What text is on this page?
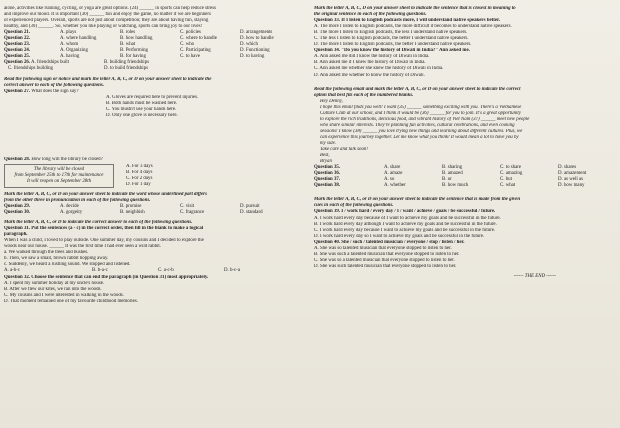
alone, activities like running, cycling, or yoga are great options. (24) ______ in sports can help reduce stress
and improve our mood. It is important (30) ______ fun and enjoy the game, no matter if we are beginners
or experienced players. Overall, sports are not just about competition; they are about having fun, staying
healthy, and (30) ______. So, whether you like playing or watching, sports can bring joy to our lives!
Question 21.	A. plays	B. roles	C. policies	D. arrangements
Question 22.	A. where handling	B. how handling	C. where to handle	D. how to handle
Question 23.	A. whom	B. what	C. who	D. which
Question 24.	A. Organizing	B. Performing	C. Participating	D. Functioning
Question 25.	A. having	B. for having	C. to have	D. to having
Question 26. A. friendships built	B. building friendships
C. friendships building	D. to build friendships
Read the following sign or notice and mark the letter A, B, C, or D on your answer sheet to indicate the
correct answer to each of the following questions.
Question 27. What does the sign say?
A. Gloves are required here to prevent injuries.
B. Both hands must be washed here.
C. You mustn't use your hands here.
D. Only one glove is necessary here.
Question 28. How long will the library be closed?
The library will be closed
from September 25th to 17th for maintenance
It will reopen on September 28th
A. For 3 days
B. For 4 days
C. For 2 days
D. For 1 day
Mark the letter A, B, C, or D on your answer sheet to indicate the word whose underlined part differs
from the other three in pronunciation in each of the following questions.
Question 29.	A. decide	B. promise	C. visit	D. pursuit
Question 30.	A. gorgeity	B. neighbish	C. fragrance	D. standard
Mark the letter A, B, C, or D to indicate the correct answer to each of the following questions.
Question 31. Put the sentences (a - c) in the correct order, then fill in the blank to make a logical
paragraph.
When I was a child, I loved to play outside. One summer day, my cousins and I decided to explore the
woods near our house. ______ It was the first time I had ever seen a wild rabbit.
a. We walked through the trees and bushes.
b. Then, we saw a small, brown rabbit hopping away.
c. Suddenly, we heard a rustling sound. We stopped and listened.
A. a-b-c	B. b-a-c	C. a-c-b	D. b-c-a
Question 32. Choose the sentence that can end the paragraph (in Question 31) most appropriately.
A. I spent my summer holiday at my uncle's house.
B. After we flew our kites, we ran into the woods.
C. My cousins and I were interested in walking in the woods.
D. That moment remained one of my favourite childhood memories.
Mark the letter A, B, C, D on your answer sheet to indicate the sentence that is closest in meaning to
the original sentence in each of the following questions.
Question 33. If I listen to English podcasts more, I will understand native speakers better.
A. The more I listen to English podcasts, the more difficult it becomes to understand native speakers.
B. The more I listen to English podcasts, the less I understand native speakers.
C. The less I listen to English podcasts, the better I understand native speakers.
D. The more I listen to English podcasts, the better I understand native speakers.
Question 34. "Do you know the history of Diwali in India?" Ann asked me.
A. Ann asked me did I know the history of Diwali in India.
B. Ann asked me if I knew the history of Diwali in India.
C. Ann asked me whether she knew the history of Diwali in India.
D. Ann asked me whether to know the history of Diwali.
Read the following email and mark the letter A, B, C, or D on your answer sheet to indicate the correct
option that best fits each of the numbered blanks.
Hey Denny,
I hope this email finds you well! I want (35) ______ something exciting with you. There's a Vietnamese
Culture Club at our school, and I think it would be (36) ______ for you to join. It's a great opportunity
to explore the rich traditions, delicious food, and vibrant history of Viet Nam (37) ______ meet new people
who share similar interests. They're planning fun activities, cultural celebrations, and even cooking
sessions! I know (38) ______ you love trying new things and learning about different cultures. Plus, we
can experience this journey together. Let me know what you think! It would mean a lot to have you by
my side.
Take care and talk soon!
Best,
Bryan
Question 35.	A. share	B. sharing	C. to share	D. shares
Question 36.	A. amaze	B. amazed	C. amazing	D. amazement
Question 37.	A. so	B. or	C. but	D. as well as
Question 38.	A. whether	B. how much	C. what	D. how many
Mark the letter A, B, C, or D on your answer sheet to indicate the sentence that is made from the given
cues in each of the following questions.
Question 39. I / work hard / every day / I / want / achieve / goals / be successful / future.
A. I work hard every day because of I want to achieve my goals and be successful in the future.
B. I work hard every day although I want to achieve my goals and be successful in the future.
C. I work hard every day because I want to achieve my goals and be successful in the future.
D. I work hard every day so I want to achieve my goals and be successful in the future.
Question 40. She / such / talented musician / everyone / stop / listen / her.
A. She was so talented musician that everyone stopped to listen to her.
B. She was such a talented musician that everyone stopped to listen to her.
C. She was so a talented musician that everyone stopped to listen to her.
D. She was such talented musician that everyone stopped to listen to her.
------ THE END ------
